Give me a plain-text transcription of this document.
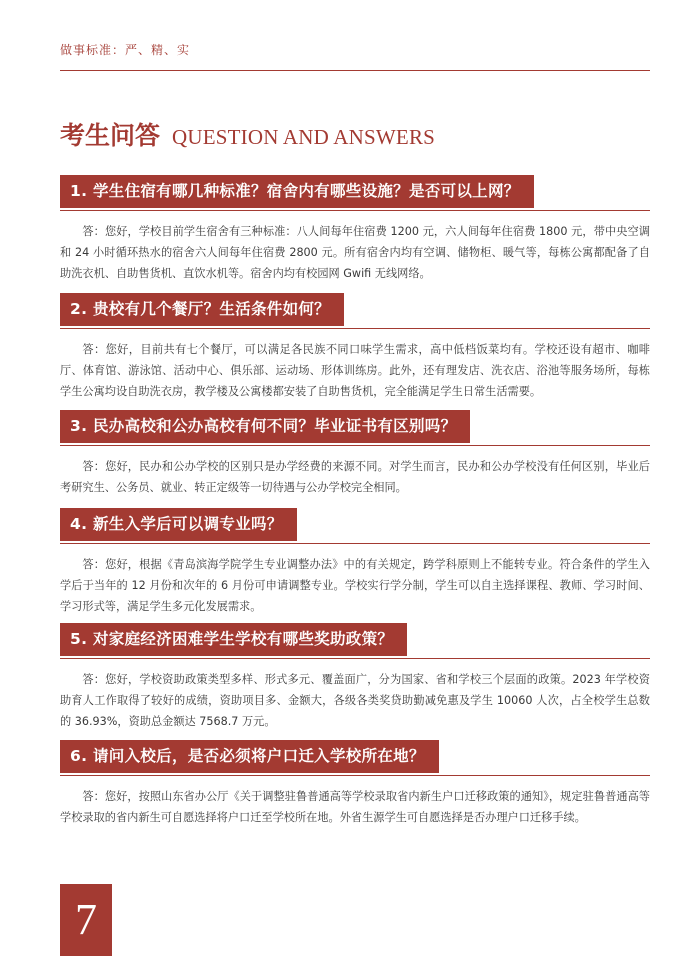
做事标准：严、精、实
考生问答 QUESTION AND ANSWERS
1. 学生住宿有哪几种标准？宿舍内有哪些设施？是否可以上网？

答：您好，学校目前学生宿舍有三种标准：八人间每年住宿费 1200 元，六人间每年住宿费 1800 元，带中央空调和 24 小时循环热水的宿舍六人间每年住宿费 2800 元。所有宿舍内均有空调、储物柜、暖气等，每栋公寓都配备了自助洗衣机、自助售货机、直饮水机等。宿舍内均有校园网 Gwifi 无线网络。

2. 贵校有几个餐厅？生活条件如何？

答：您好，目前共有七个餐厅，可以满足各民族不同口味学生需求，高中低档饭菜均有。学校还设有超市、咖啡厅、体育馆、游泳馆、活动中心、俱乐部、运动场、形体训练房。此外，还有理发店、洗衣店、浴池等服务场所，每栋学生公寓均设自助洗衣房，教学楼及公寓楼都安装了自助售货机，完全能满足学生日常生活需要。

3. 民办高校和公办高校有何不同？毕业证书有区别吗？

答：您好，民办和公办学校的区别只是办学经费的来源不同。对学生而言，民办和公办学校没有任何区别，毕业后考研究生、公务员、就业、转正定级等一切待遇与公办学校完全相同。

4. 新生入学后可以调专业吗？

答：您好，根据《青岛滨海学院学生专业调整办法》中的有关规定，跨学科原则上不能转专业。符合条件的学生入学后于当年的 12 月份和次年的 6 月份可申请调整专业。学校实行学分制，学生可以自主选择课程、教师、学习时间、学习形式等，满足学生多元化发展需求。

5. 对家庭经济困难学生学校有哪些奖助政策？

答：您好，学校资助政策类型多样、形式多元、覆盖面广，分为国家、省和学校三个层面的政策。2023 年学校资助育人工作取得了较好的成绩，资助项目多、金额大，各级各类奖贷助勤减免惠及学生 10060 人次，占全校学生总数的 36.93%，资助总金额达 7568.7 万元。

6. 请问入校后，是否必须将户口迁入学校所在地？

答：您好，按照山东省办公厅《关于调整驻鲁普通高等学校录取省内新生户口迁移政策的通知》，规定驻鲁普通高等学校录取的省内新生可自愿选择将户口迁至学校所在地。外省生源学生可自愿选择是否办理户口迁移手续。

7
